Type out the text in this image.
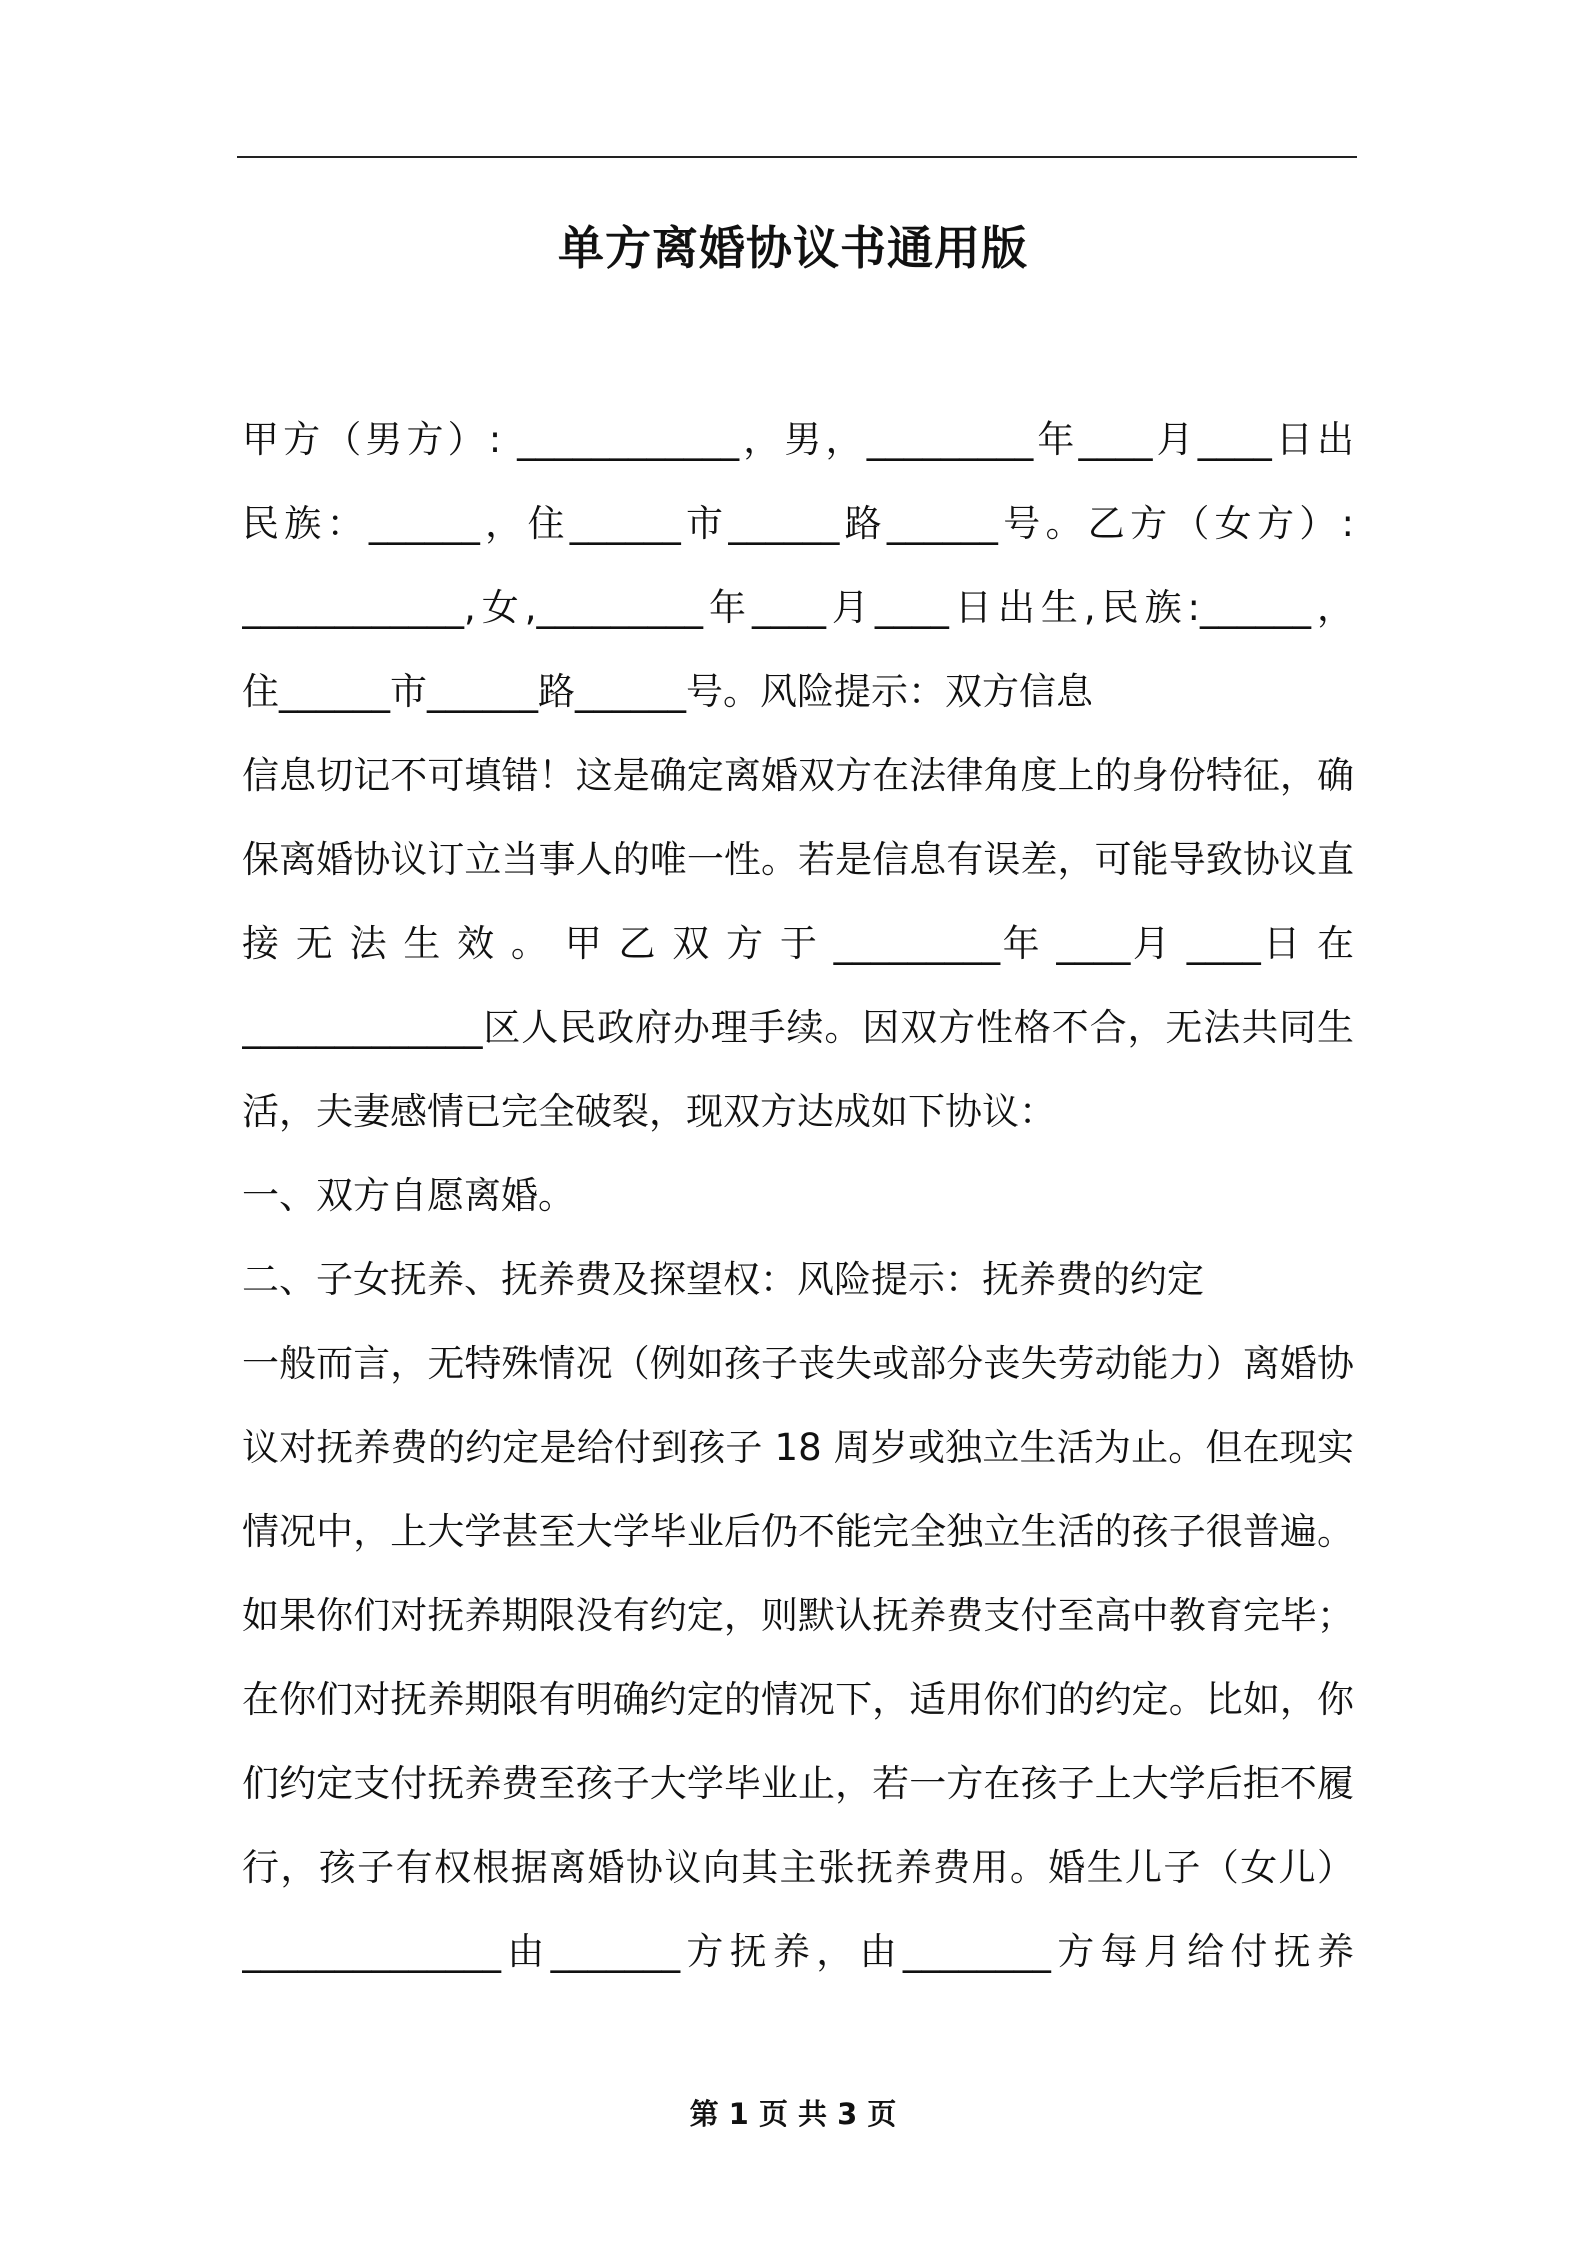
单方离婚协议书通用版
甲方（男方）: ____________，男，_________年____月____日出
民族：______，住______市______路______号。乙方（女方）:
____________,女,_________年____月____日出生,民族:______，
住______市______路______号。风险提示：双方信息
信息切记不可填错！这是确定离婚双方在法律角度上的身份特征，确
保离婚协议订立当事人的唯一性。若是信息有误差，可能导致协议直
接 无 法 生 效 。 甲 乙 双 方 于 _________年 ____月 ____日 在
_____________区人民政府办理手续。因双方性格不合，无法共同生
活，夫妻感情已完全破裂，现双方达成如下协议：
一、双方自愿离婚。
二、子女抚养、抚养费及探望权：风险提示：抚养费的约定
一般而言，无特殊情况（例如孩子丧失或部分丧失劳动能力）离婚协
议对抚养费的约定是给付到孩子 18 周岁或独立生活为止。但在现实
情况中，上大学甚至大学毕业后仍不能完全独立生活的孩子很普遍。
如果你们对抚养期限没有约定，则默认抚养费支付至高中教育完毕；
在你们对抚养期限有明确约定的情况下，适用你们的约定。比如，你
们约定支付抚养费至孩子大学毕业止，若一方在孩子上大学后拒不履
行，孩子有权根据离婚协议向其主张抚养费用。婚生儿子（女儿）
______________由_______方抚养，由________方每月给付抚养
第 1 页 共 3 页
